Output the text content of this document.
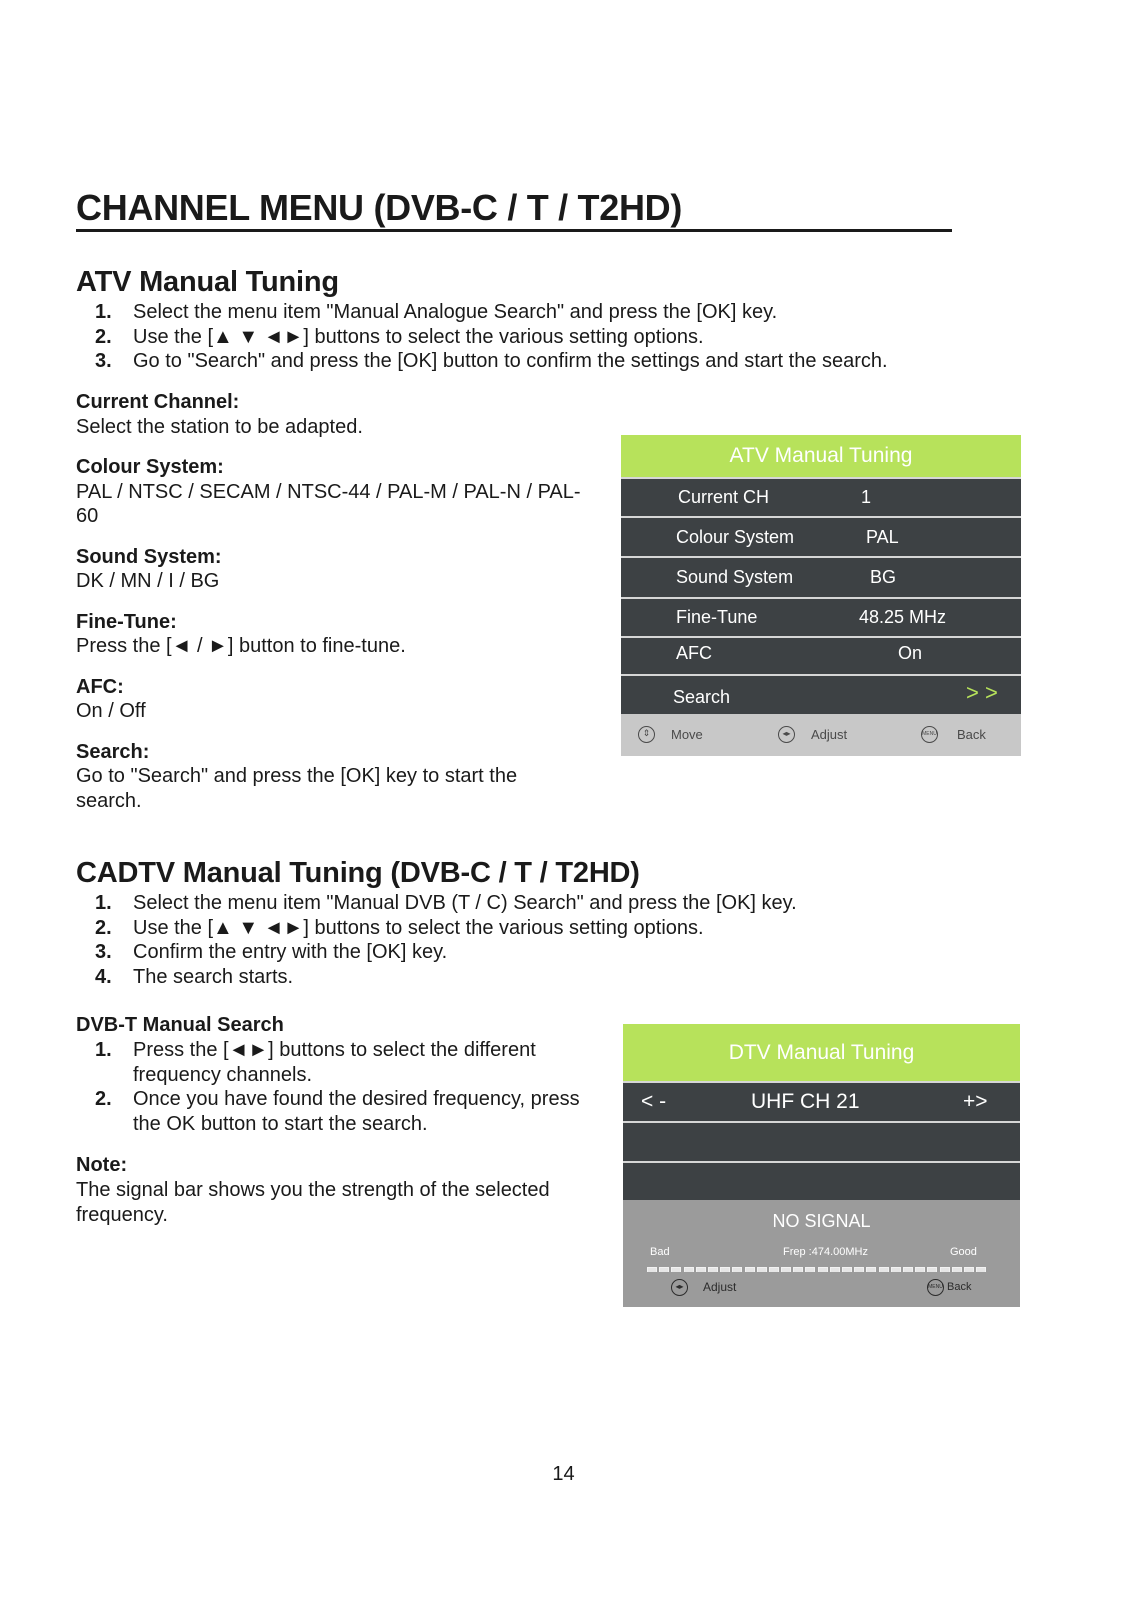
CHANNEL MENU (DVB-C / T / T2HD)
ATV Manual Tuning
1. Select the menu item "Manual Analogue Search" and press the [OK] key.
2. Use the [▲ ▼ ◄►] buttons to select the various setting options.
3. Go to "Search" and press the [OK] button to confirm the settings and start the search.
Current Channel:
Select the station to be adapted.
Colour System:
PAL / NTSC / SECAM / NTSC-44 / PAL-M / PAL-N / PAL-60
Sound System:
DK / MN / I / BG
Fine-Tune:
Press the [◄ / ►] button to fine-tune.
AFC:
On / Off
Search:
Go to "Search" and press the [OK] key to start the search.
ATV Manual Tuning
Current CH	1
Colour System	PAL
Sound System	BG
Fine-Tune	48.25 MHz
AFC	On
Search	> >
⇕	Move	◂▸	Adjust	MENU Back
CADTV Manual Tuning (DVB-C / T / T2HD)
1. Select the menu item "Manual DVB (T / C) Search" and press the [OK] key.
2. Use the [▲ ▼ ◄►] buttons to select the various setting options.
3. Confirm the entry with the [OK] key.
4. The search starts.
DVB-T Manual Search
1. Press the [◄►] buttons to select the different frequency channels.
2. Once you have found the desired frequency, press the OK button to start the search.
Note:
The signal bar shows you the strength of the selected frequency.
DTV Manual Tuning
< -	UHF CH 21	+>
NO SIGNAL
Bad	Frep :474.00MHz	Good
◂▸	Adjust	MENU Back
14
